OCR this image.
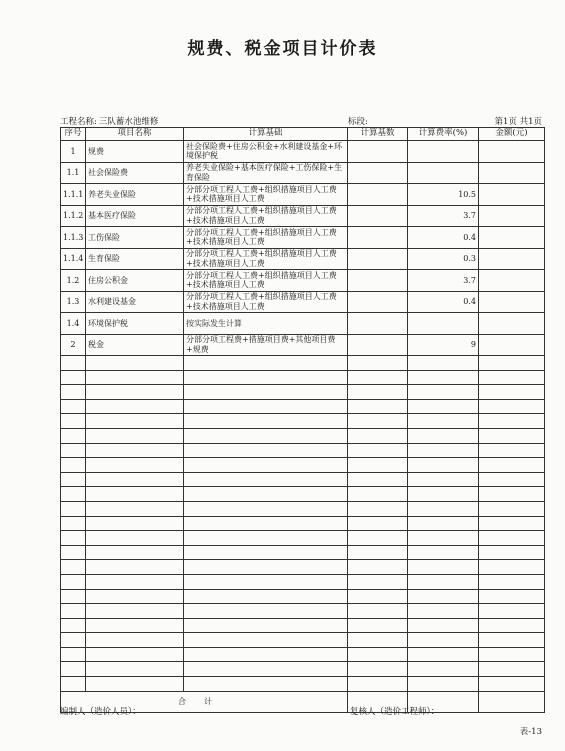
规费、税金项目计价表
工程名称: 三队蓄水池维修	标段:	第1页 共1页
序号	项目名称	计算基础	计算基数	计算费率(%)	金额(元)
1	规费	社会保险费+住房公积金+水利建设基金+环境保护税			
1.1	社会保险费	养老失业保险+基本医疗保险+工伤保险+生育保险			
1.1.1	养老失业保险	分部分项工程人工费+组织措施项目人工费+技术措施项目人工费		10.5	
1.1.2	基本医疗保险	分部分项工程人工费+组织措施项目人工费+技术措施项目人工费		3.7	
1.1.3	工伤保险	分部分项工程人工费+组织措施项目人工费+技术措施项目人工费		0.4	
1.1.4	生育保险	分部分项工程人工费+组织措施项目人工费+技术措施项目人工费		0.3	
1.2	住房公积金	分部分项工程人工费+组织措施项目人工费+技术措施项目人工费		3.7	
1.3	水利建设基金	分部分项工程人工费+组织措施项目人工费+技术措施项目人工费		0.4	
1.4	环境保护税	按实际发生计算			
2	税金	分部分项工程费+措施项目费+其他项目费+规费		9	

合计					
编制人（造价人员）：	复核人（造价工程师）：
表-13
